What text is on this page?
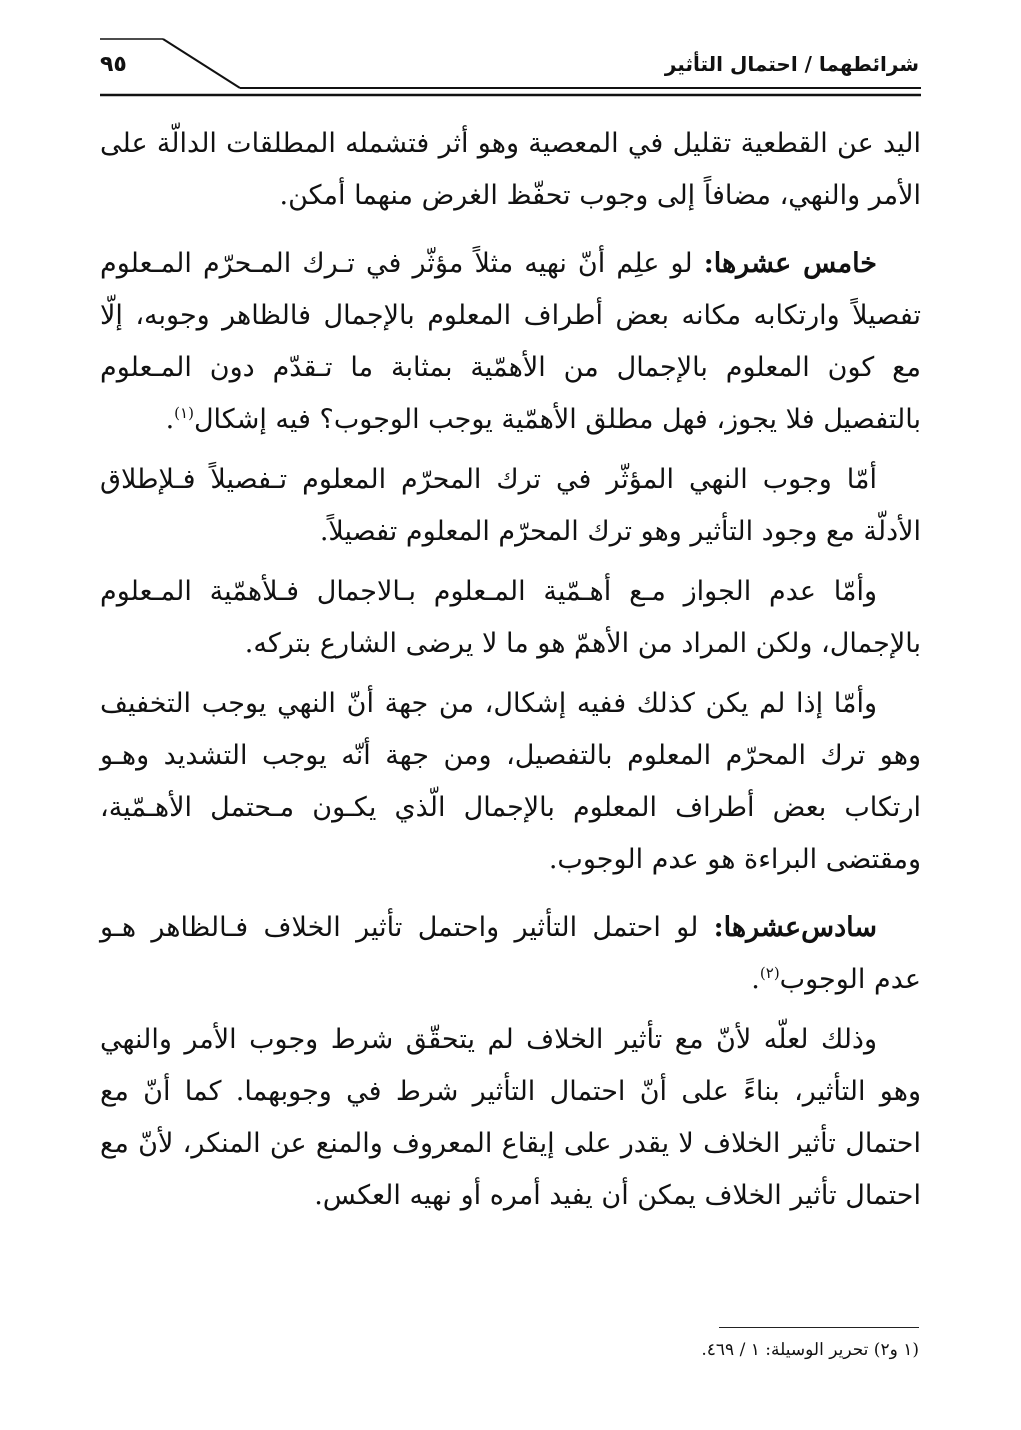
شرائطهما / احتمال التأثير
٩٥

اليد عن القطعية تقليل في المعصية وهو أثر فتشمله المطلقات الدالّة على الأمر والنهي، مضافاً إلى وجوب تحفّظ الغرض منهما أمكن.

خامس عشرها: لو علِم أنّ نهيه مثلاً مؤثّر في تـرك المـحرّم المـعلوم تفصيلاً وارتكابه مكانه بعض أطراف المعلوم بالإجمال فالظاهر وجوبه، إلّا مع كون المعلوم بالإجمال من الأهمّية بمثابة ما تـقدّم دون المـعلوم بالتفصيل فلا يجوز، فهل مطلق الأهمّية يوجب الوجوب؟ فيه إشكال$^{(١)}$.

أمّا وجوب النهي المؤثّر في ترك المحرّم المعلوم تـفصيلاً فـلإطلاق الأدلّة مع وجود التأثير وهو ترك المحرّم المعلوم تفصيلاً.

وأمّا عدم الجواز مـع أهـمّية المـعلوم بـالاجمال فـلأهمّية المـعلوم بالإجمال، ولكن المراد من الأهمّ هو ما لا يرضى الشارع بتركه.

وأمّا إذا لم يكن كذلك ففيه إشكال، من جهة أنّ النهي يوجب التخفيف وهو ترك المحرّم المعلوم بالتفصيل، ومن جهة أنّه يوجب التشديد وهـو ارتكاب بعض أطراف المعلوم بالإجمال الّذي يكـون مـحتمل الأهـمّية، ومقتضى البراءة هو عدم الوجوب.

سادس‌عشرها: لو احتمل التأثير واحتمل تأثير الخلاف فـالظاهر هـو عدم الوجوب$^{(٢)}$.

وذلك لعلّه لأنّ مع تأثير الخلاف لم يتحقّق شرط وجوب الأمر والنهي وهو التأثير، بناءً على أنّ احتمال التأثير شرط في وجوبهما. كما أنّ مع احتمال تأثير الخلاف لا يقدر على إيقاع المعروف والمنع عن المنكر، لأنّ مع احتمال تأثير الخلاف يمكن أن يفيد أمره أو نهيه العكس.

(١ و٢) تحرير الوسيلة: ١ / ٤٦٩.
